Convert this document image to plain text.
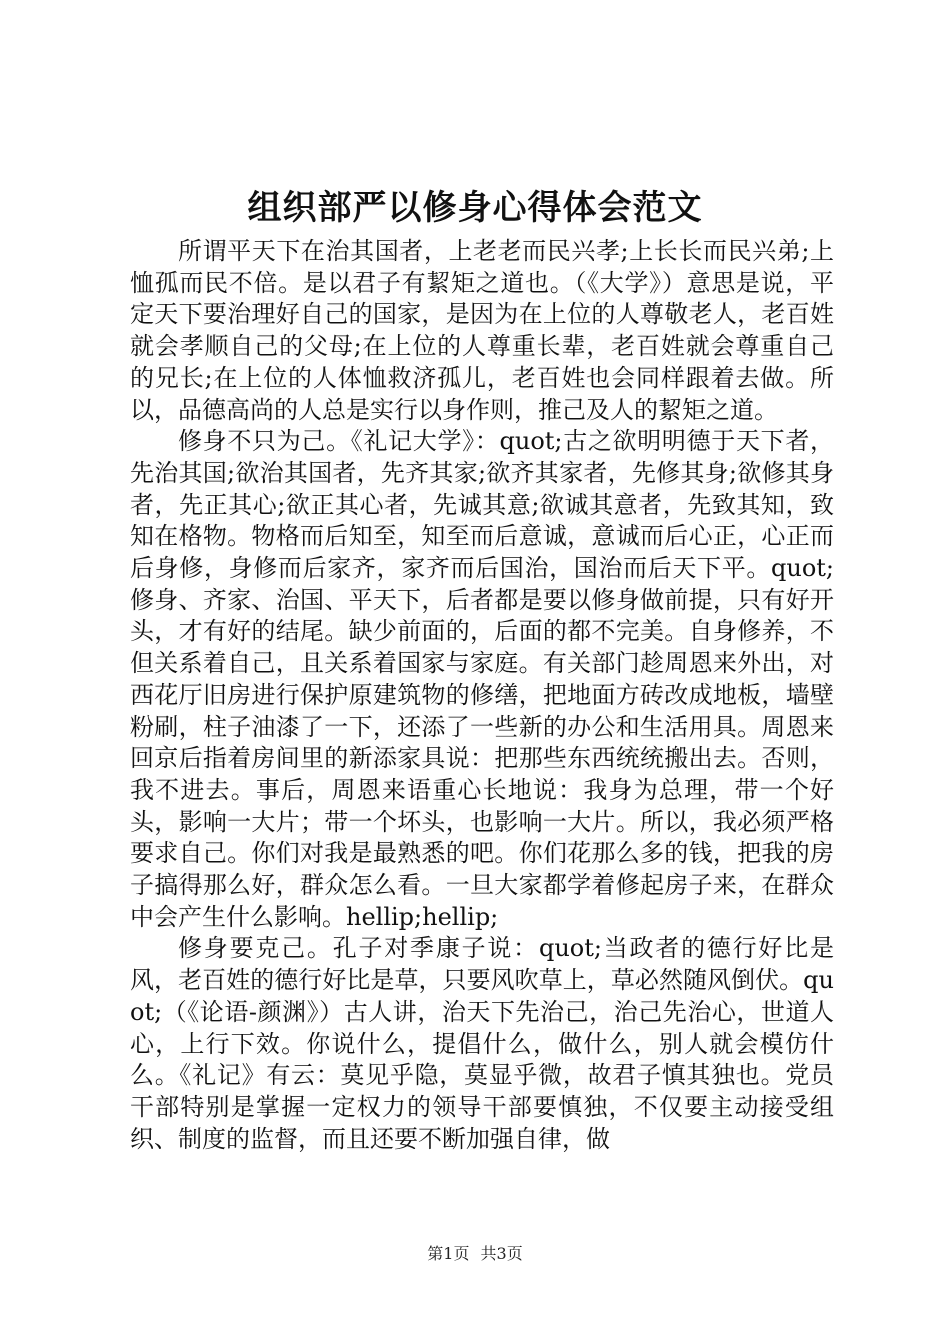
组织部严以修身心得体会范文

所谓平天下在治其国者，上老老而民兴孝;上长长而民兴弟;上恤孤而民不倍。是以君子有絜矩之道也。（《大学》）意思是说，平定天下要治理好自己的国家，是因为在上位的人尊敬老人，老百姓就会孝顺自己的父母;在上位的人尊重长辈，老百姓就会尊重自己的兄长;在上位的人体恤救济孤儿，老百姓也会同样跟着去做。所以，品德高尚的人总是实行以身作则，推己及人的絜矩之道。

修身不只为己。《礼记大学》：quot;古之欲明明德于天下者，先治其国;欲治其国者，先齐其家;欲齐其家者，先修其身;欲修其身者，先正其心;欲正其心者，先诚其意;欲诚其意者，先致其知，致知在格物。物格而后知至，知至而后意诚，意诚而后心正，心正而后身修，身修而后家齐，家齐而后国治，国治而后天下平。quot;修身、齐家、治国、平天下，后者都是要以修身做前提，只有好开头，才有好的结尾。缺少前面的，后面的都不完美。自身修养，不但关系着自己，且关系着国家与家庭。有关部门趁周恩来外出，对西花厅旧房进行保护原建筑物的修缮，把地面方砖改成地板，墙壁粉刷，柱子油漆了一下，还添了一些新的办公和生活用具。周恩来回京后指着房间里的新添家具说：把那些东西统统搬出去。否则，我不进去。事后，周恩来语重心长地说：我身为总理，带一个好头，影响一大片；带一个坏头，也影响一大片。所以，我必须严格要求自己。你们对我是最熟悉的吧。你们花那么多的钱，把我的房子搞得那么好，群众怎么看。一旦大家都学着修起房子来，在群众中会产生什么影响。hellip;hellip;

修身要克己。孔子对季康子说：quot;当政者的德行好比是风，老百姓的德行好比是草，只要风吹草上，草必然随风倒伏。quot;（《论语-颜渊》）古人讲，治天下先治己，治己先治心，世道人心，上行下效。你说什么，提倡什么，做什么，别人就会模仿什么。《礼记》有云：莫见乎隐，莫显乎微，故君子慎其独也。党员干部特别是掌握一定权力的领导干部要慎独，不仅要主动接受组织、制度的监督，而且还要不断加强自律，做

第1页 共3页
